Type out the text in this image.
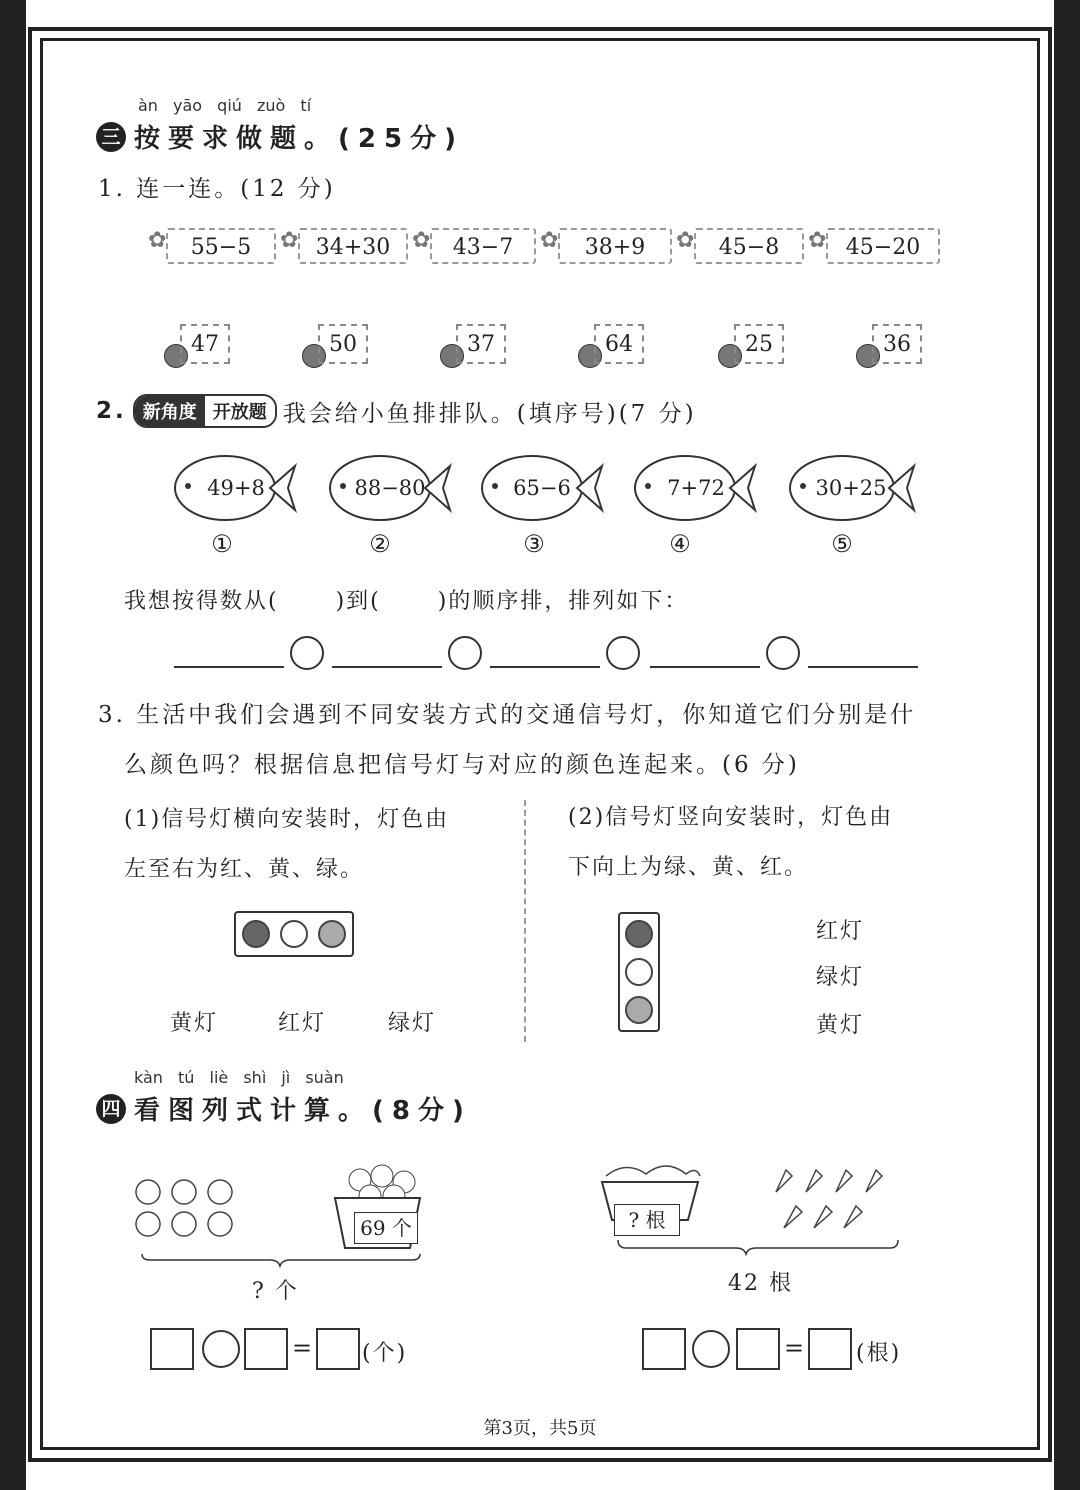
àn yāo qiú zuò tí
三 按要求做题。(25分)
1. 连一连。(12 分)
55−5	34+30	43−7	38+9	45−8	45−20
✿	✿	✿	✿	✿	✿
47	50	37	64	25	36
2. 新角度 开放题 我会给小鱼排排队。(填序号)(7 分)
49+8	88−80	65−6	7+72	30+25
①	②	③	④	⑤
我想按得数从(　　 )到(　　 )的顺序排，排列如下：
3. 生活中我们会遇到不同安装方式的交通信号灯，你知道它们分别是什
么颜色吗？根据信息把信号灯与对应的颜色连起来。(6 分)
(1)信号灯横向安装时，灯色由
左至右为红、黄、绿。
(2)信号灯竖向安装时，灯色由
下向上为绿、黄、红。
黄灯	红灯	绿灯
红灯
绿灯
黄灯
kàn tú liè shì jì suàn
四 看图列式计算。(8分)
69 个
? 个
= (个)
? 根
42 根
= (根)
第3页，共5页
